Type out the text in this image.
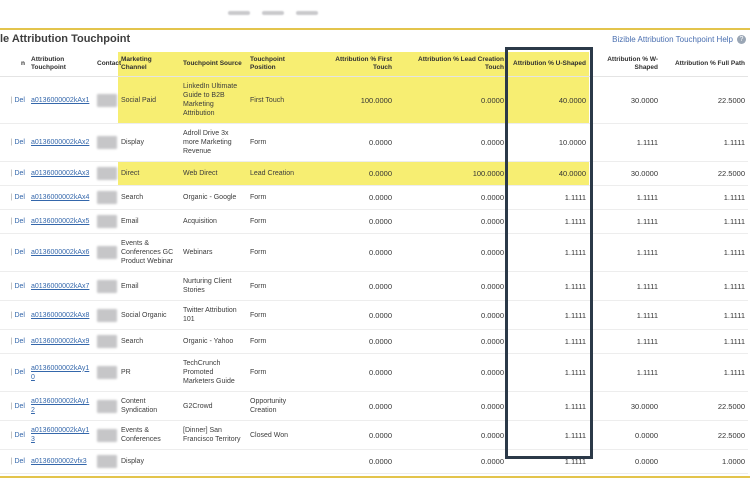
le Attribution Touchpoint	Bizible Attribution Touchpoint Help ?
n	Attribution Touchpoint	Contact	Marketing Channel	Touchpoint Source	Touchpoint Position	Attribution % First Touch	Attribution % Lead Creation Touch	Attribution % U-Shaped	Attribution % W-Shaped	Attribution % Full Path
| Del	a0136000002kAx1		Social Paid	LinkedIn Ultimate Guide to B2B Marketing Attribution	First Touch	100.0000	0.0000	40.0000	30.0000	22.5000
| Del	a0136000002kAx2		Display	Adroll Drive 3x more Marketing Revenue	Form	0.0000	0.0000	10.0000	1.1111	1.1111
| Del	a0136000002kAx3		Direct	Web Direct	Lead Creation	0.0000	100.0000	40.0000	30.0000	22.5000
| Del	a0136000002kAx4		Search	Organic - Google	Form	0.0000	0.0000	1.1111	1.1111	1.1111
| Del	a0136000002kAx5		Email	Acquisition	Form	0.0000	0.0000	1.1111	1.1111	1.1111
| Del	a0136000002kAx6		Events & Conferences GC Product Webinar	Webinars	Form	0.0000	0.0000	1.1111	1.1111	1.1111
| Del	a0136000002kAx7		Email	Nurturing Client Stories	Form	0.0000	0.0000	1.1111	1.1111	1.1111
| Del	a0136000002kAx8		Social Organic	Twitter Attribution 101	Form	0.0000	0.0000	1.1111	1.1111	1.1111
| Del	a0136000002kAx9		Search	Organic - Yahoo	Form	0.0000	0.0000	1.1111	1.1111	1.1111
| Del	a0136000002kAy10		PR	TechCrunch Promoted Marketers Guide	Form	0.0000	0.0000	1.1111	1.1111	1.1111
| Del	a0136000002kAy12		Content Syndication	G2Crowd	Opportunity Creation	0.0000	0.0000	1.1111	30.0000	22.5000
| Del	a0136000002kAy13		Events & Conferences	[Dinner] San Francisco Territory	Closed Won	0.0000	0.0000	1.1111	0.0000	22.5000
| Del	a0136000002vfx3		Display			0.0000	0.0000	1.1111	0.0000	1.0000
